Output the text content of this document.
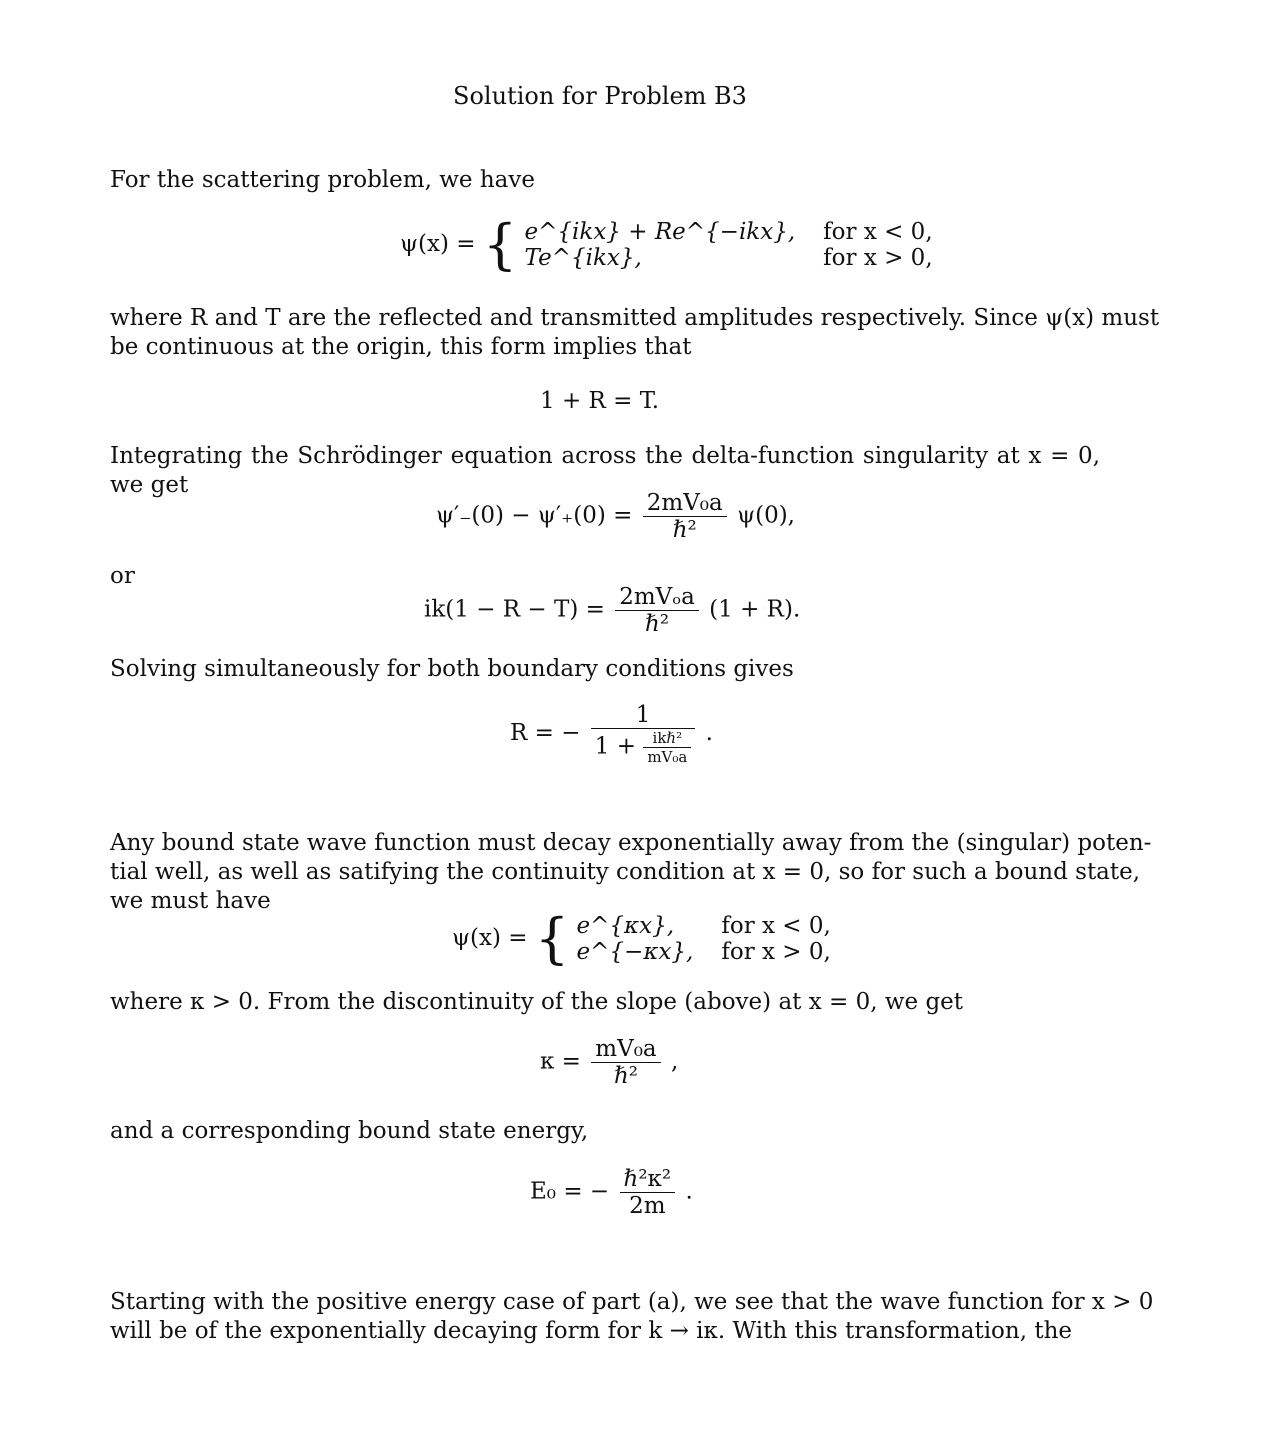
Solution for Problem B3
For the scattering problem, we have
ψ(x) = { e^{ikx} + Re^{−ikx},	for x < 0,
Te^{ikx},	for x > 0,
where R and T are the reflected and transmitted amplitudes respectively. Since ψ(x) must
be continuous at the origin, this form implies that
1 + R = T.
Integrating the Schrödinger equation across the delta-function singularity at x = 0, we get
$\psi'_-(0) - \psi'_+(0) = \frac{\text{2mV₀a}}{\text{ℏ²}} \psi(0)$,
or
$ik(1 - R - T) = \frac{\text{2mVₒa}}{\text{ℏ²}} (1 + R)$.
Solving simultaneously for both boundary conditions gives
R = − $\frac{1}{1 + \frac{\text{ikℏ²}}{\text{mV₀a}}}$ .
Any bound state wave function must decay exponentially away from the (singular) poten-
tial well, as well as satifying the continuity condition at x = 0, so for such a bound state,
we must have
ψ(x) = { e^{κx},	for x < 0,
e^{−κx},	for x > 0,
where κ > 0. From the discontinuity of the slope (above) at x = 0, we get
$\kappa = \frac{\text{mV₀a}}{\text{ℏ²}}$ ,
and a corresponding bound state energy,
E₀ = − $\frac{\text{ℏ²κ²}}{2m}$ .
Starting with the positive energy case of part (a), we see that the wave function for x > 0
will be of the exponentially decaying form for k → iκ. With this transformation, the
